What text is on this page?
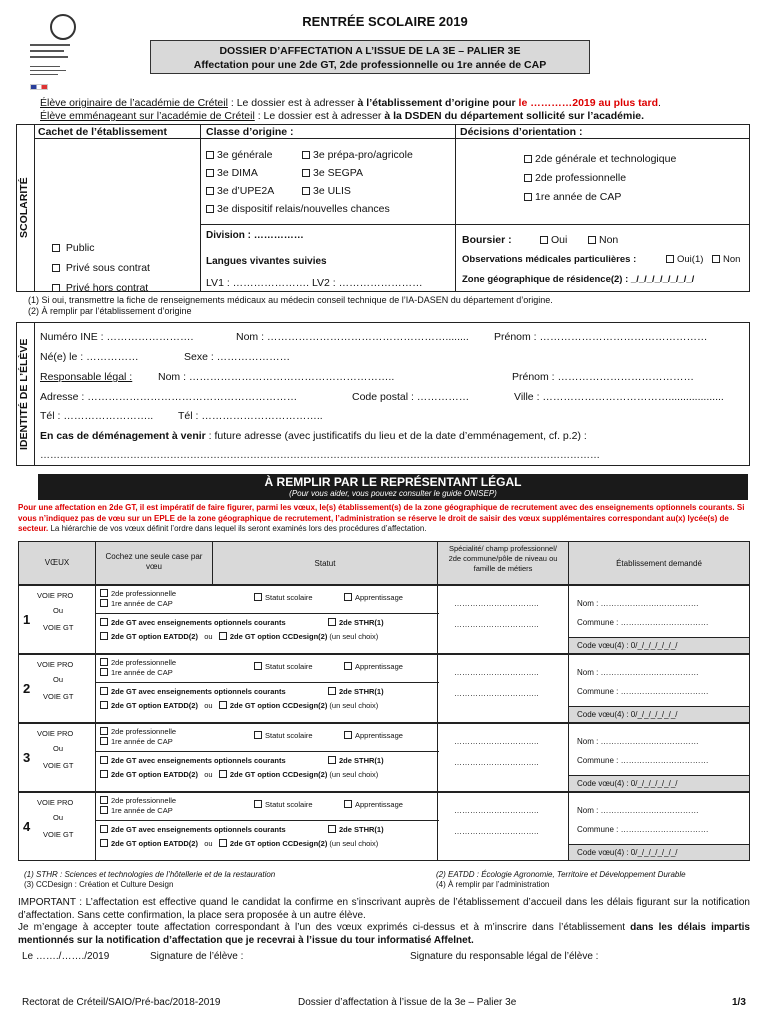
RENTRÉE SCOLAIRE 2019
DOSSIER D’AFFECTATION A L’ISSUE DE LA 3E – PALIER 3E
Affectation pour une 2de GT, 2de professionnelle ou 1re année de CAP
Élève originaire de l’académie de Créteil : Le dossier est à adresser à l’établissement d’origine pour le …………2019 au plus tard.
Élève emménageant sur l’académie de Créteil : Le dossier est à adresser à la DSDEN du département sollicité sur l’académie.
SCOLARITÉ
Cachet de l’établissement	Classe d’origine :	Décisions d’orientation :
3e générale
3e DIMA
3e d’UPE2A
3e dispositif relais/nouvelles chances
3e prépa-pro/agricole
3e SEGPA
3e ULIS
2de générale et technologique
2de professionnelle
1re année de CAP
Public
Privé sous contrat
Privé hors contrat
Division : ……………
Langues vivantes suivies
LV1 : …………………. LV2 : ……………………
Boursier :	Oui	Non
Observations médicales particulières :	Oui(1)	Non
Zone géographique de résidence(2) : _/_/_/_/_/_/_/_/
(1) Si oui, transmettre la fiche de renseignements médicaux au médecin conseil technique de l’IA-DASEN du département d’origine.
(2) À remplir par l’établissement d’origine
IDENTITÉ DE L’ÉLÈVE
Numéro INE : …………………….	Nom : ……………………………………………........ Prénom : …………………………………………
Né(e) le : ……………	Sexe : …………………
Responsable légal : Nom : …………………………………………………..	Prénom : …………………………………
Adresse : ……………………………………………………	Code postal : ……………	Ville : ………………………………...................
Tél : …………………….. Tél : ……………………………..
En cas de déménagement à venir : future adresse (avec justificatifs du lieu et de la date d’emménagement, cf. p.2) :
……………………………………………………………………………………………………………………………………………………
À REMPLIR PAR LE REPRÉSENTANT LÉGAL
(Pour vous aider, vous pouvez consulter le guide ONISEP)
Pour une affectation en 2de GT, il est impératif de faire figurer, parmi les vœux, le(s) établissement(s) de la zone géographique de recrutement avec des enseignements optionnels courants. Si vous n’indiquez pas de vœu sur un EPLE de la zone géographique de recrutement, l’administration se réserve le droit de saisir des vœux supplémentaires correspondant au(x) lycée(s) de secteur. La hiérarchie de vos vœux définit l’ordre dans lequel ils seront examinés lors des procédures d’affectation.
VŒUX
Cochez une seule case par vœu	Statut
Spécialité/ champ professionnel/ 2de commune/pôle de niveau ou famille de métiers
Établissement demandé
VOIE PRO
Ou
VOIE GT
1
2de professionnelle
1re année de CAP
Statut scolaire	Apprentissage
2de GT avec enseignements optionnels courants	2de STHR(1)
2de GT option EATDD(2) ou 2de GT option CCDesign(2) (un seul choix)
…………………………..
…………………………..
Nom : ………………….……………
Commune : ……………………………
Code vœu(4) : 0/_/_/_/_/_/_/
VOIE PRO
Ou
VOIE GT
2
2de professionnelle
1re année de CAP
Statut scolaire	Apprentissage
2de GT avec enseignements optionnels courants	2de STHR(1)
2de GT option EATDD(2) ou 2de GT option CCDesign(2) (un seul choix)
…………………………..
…………………………..
Nom : ………………….……………
Commune : ……………………………
Code vœu(4) : 0/_/_/_/_/_/_/
VOIE PRO
Ou
VOIE GT
3
2de professionnelle
1re année de CAP
Statut scolaire	Apprentissage
2de GT avec enseignements optionnels courants	2de STHR(1)
2de GT option EATDD(2) ou 2de GT option CCDesign(2) (un seul choix)
…………………………..
…………………………..
Nom : ………………….……………
Commune : ……………………………
Code vœu(4) : 0/_/_/_/_/_/_/
VOIE PRO
Ou
VOIE GT
4
2de professionnelle
1re année de CAP
Statut scolaire	Apprentissage
2de GT avec enseignements optionnels courants	2de STHR(1)
2de GT option EATDD(2) ou 2de GT option CCDesign(2) (un seul choix)
…………………………..
…………………………..
Nom : ………………….……………
Commune : ……………………………
Code vœu(4) : 0/_/_/_/_/_/_/
(1) STHR : Sciences et technologies de l’hôtellerie et de la restauration
(3) CCDesign : Création et Culture Design
(2) EATDD : Écologie Agronomie, Territoire et Développement Durable
(4) À remplir par l’administration
IMPORTANT : L’affectation est effective quand le candidat la confirme en s’inscrivant auprès de l’établissement d’accueil dans les délais figurant sur la notification d’affectation. Sans cette confirmation, la place sera proposée à un autre élève.
Je m’engage à accepter toute affectation correspondant à l’un des vœux exprimés ci-dessus et à m’inscrire dans l’établissement dans les délais impartis mentionnés sur la notification d’affectation que je recevrai à l’issue du tour informatisé Affelnet.
Le ……./……./2019	Signature de l’élève :	Signature du responsable légal de l’élève :
Rectorat de Créteil/SAIO/Pré-bac/2018-2019	Dossier d’affectation à l’issue de la 3e – Palier 3e	1/3
